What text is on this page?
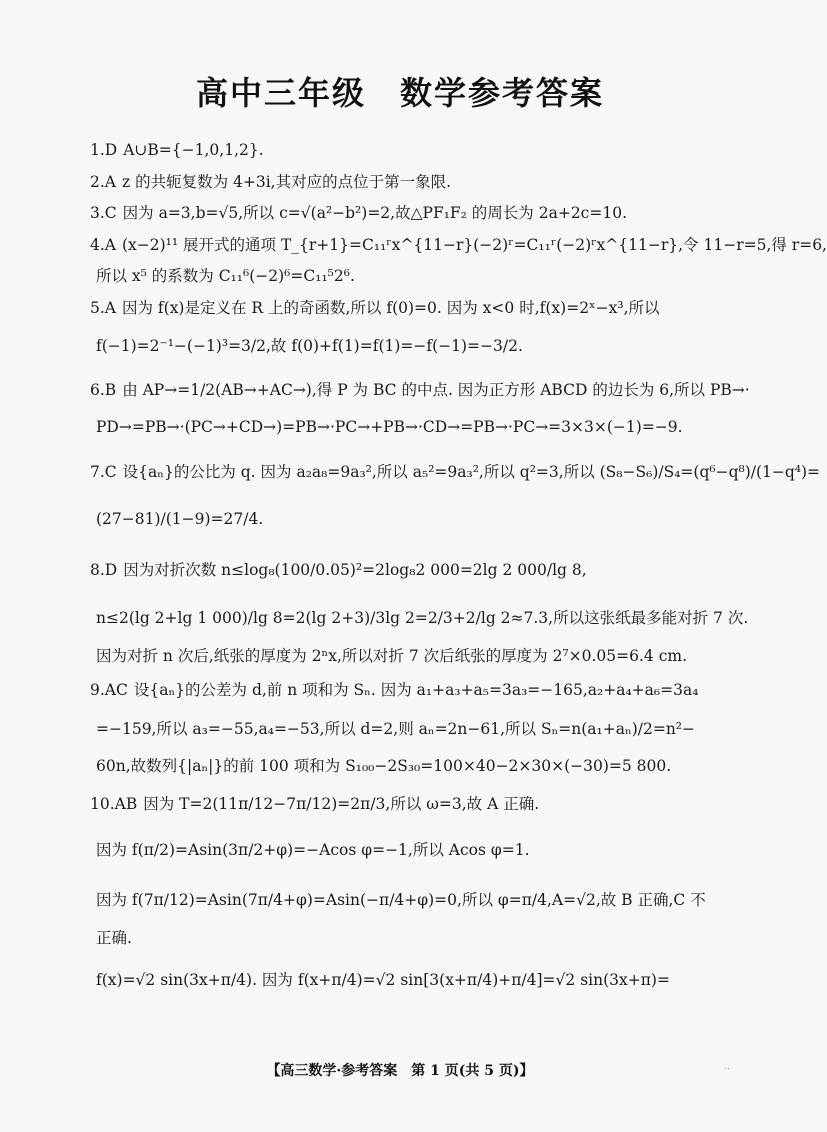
高中三年级　数学参考答案
1.D A∪B={−1,0,1,2}.
2.A z 的共轭复数为 4+3i,其对应的点位于第一象限.
3.C 因为 a=3,b=√5,所以 c=√(a²−b²)=2,故△PF₁F₂ 的周长为 2a+2c=10.
4.A (x−2)¹¹ 展开式的通项 T_{r+1}=C₁₁ʳx^{11−r}(−2)ʳ=C₁₁ʳ(−2)ʳx^{11−r},令 11−r=5,得 r=6,
所以 x⁵ 的系数为 C₁₁⁶(−2)⁶=C₁₁⁵2⁶.
5.A 因为 f(x)是定义在 R 上的奇函数,所以 f(0)=0. 因为 x<0 时,f(x)=2ˣ−x³,所以
f(−1)=2⁻¹−(−1)³=3/2,故 f(0)+f(1)=f(1)=−f(−1)=−3/2.
6.B 由 AP→=1/2(AB→+AC→),得 P 为 BC 的中点. 因为正方形 ABCD 的边长为 6,所以 PB→·
PD→=PB→·(PC→+CD→)=PB→·PC→+PB→·CD→=PB→·PC→=3×3×(−1)=−9.
7.C 设{aₙ}的公比为 q. 因为 a₂a₈=9a₃²,所以 a₅²=9a₃²,所以 q²=3,所以 (S₈−S₆)/S₄=(q⁶−q⁸)/(1−q⁴)=
(27−81)/(1−9)=27/4.
8.D 因为对折次数 n≤log₈(100/0.05)²=2log₈2 000=2lg 2 000/lg 8,
n≤2(lg 2+lg 1 000)/lg 8=2(lg 2+3)/3lg 2=2/3+2/lg 2≈7.3,所以这张纸最多能对折 7 次.
因为对折 n 次后,纸张的厚度为 2ⁿx,所以对折 7 次后纸张的厚度为 2⁷×0.05=6.4 cm.
9.AC 设{aₙ}的公差为 d,前 n 项和为 Sₙ. 因为 a₁+a₃+a₅=3a₃=−165,a₂+a₄+a₆=3a₄
=−159,所以 a₃=−55,a₄=−53,所以 d=2,则 aₙ=2n−61,所以 Sₙ=n(a₁+aₙ)/2=n²−
60n,故数列{|aₙ|}的前 100 项和为 S₁₀₀−2S₃₀=100×40−2×30×(−30)=5 800.
10.AB 因为 T=2(11π/12−7π/12)=2π/3,所以 ω=3,故 A 正确.
因为 f(π/2)=Asin(3π/2+φ)=−Acos φ=−1,所以 Acos φ=1.
因为 f(7π/12)=Asin(7π/4+φ)=Asin(−π/4+φ)=0,所以 φ=π/4,A=√2,故 B 正确,C 不
正确.
f(x)=√2 sin(3x+π/4). 因为 f(x+π/4)=√2 sin[3(x+π/4)+π/4]=√2 sin(3x+π)=
【高三数学·参考答案　第 1 页(共 5 页)】	··
